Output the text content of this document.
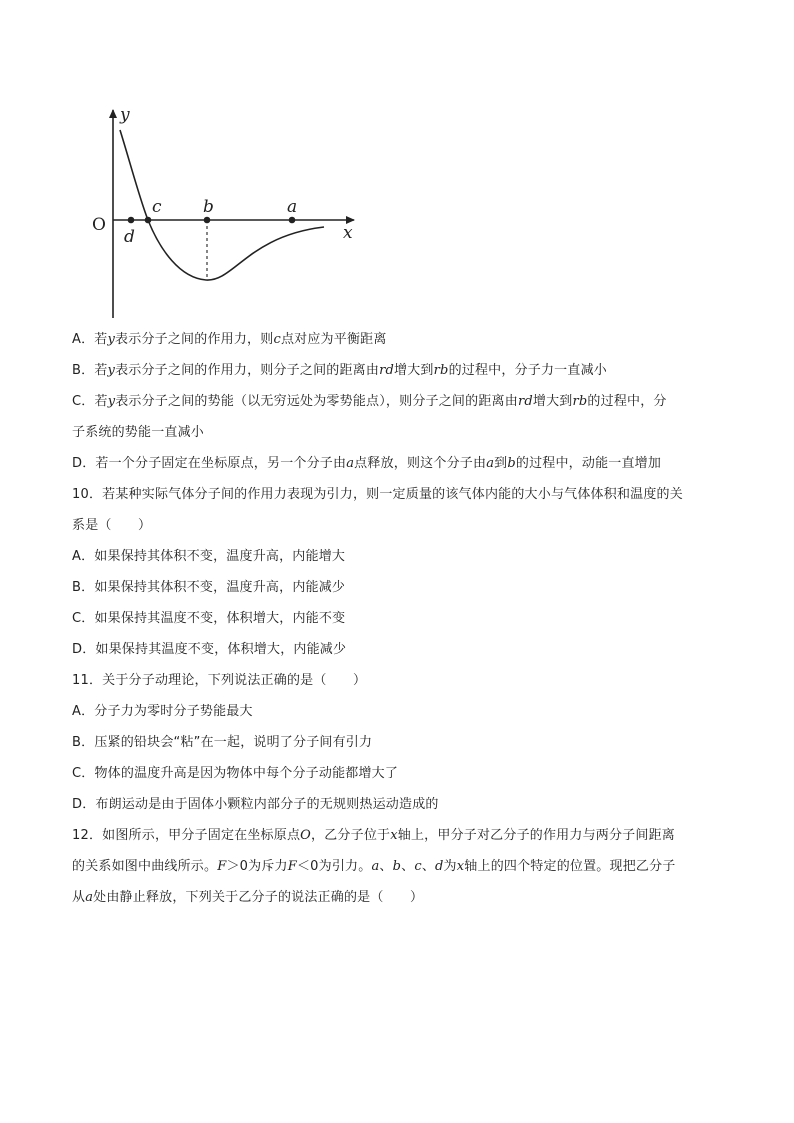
y
x
O
d
c b	a
A．若y表示分子之间的作用力，则c点对应为平衡距离
B．若y表示分子之间的作用力，则分子之间的距离由rd增大到rb的过程中，分子力一直减小
C．若y表示分子之间的势能（以无穷远处为零势能点），则分子之间的距离由rd增大到rb的过程中，分
子系统的势能一直减小
D．若一个分子固定在坐标原点，另一个分子由a点释放，则这个分子由a到b的过程中，动能一直增加
10．若某种实际气体分子间的作用力表现为引力，则一定质量的该气体内能的大小与气体体积和温度的关
系是（　　）
A．如果保持其体积不变，温度升高，内能增大
B．如果保持其体积不变，温度升高，内能减少
C．如果保持其温度不变，体积增大，内能不变
D．如果保持其温度不变，体积增大，内能减少
11．关于分子动理论，下列说法正确的是（　　）
A．分子力为零时分子势能最大
B．压紧的铅块会“粘”在一起，说明了分子间有引力
C．物体的温度升高是因为物体中每个分子动能都增大了
D．布朗运动是由于固体小颗粒内部分子的无规则热运动造成的
12．如图所示，甲分子固定在坐标原点O，乙分子位于x轴上，甲分子对乙分子的作用力与两分子间距离
的关系如图中曲线所示。F＞0为斥力F＜0为引力。a、b、c、d为x轴上的四个特定的位置。现把乙分子
从a处由静止释放，下列关于乙分子的说法正确的是（　　）
